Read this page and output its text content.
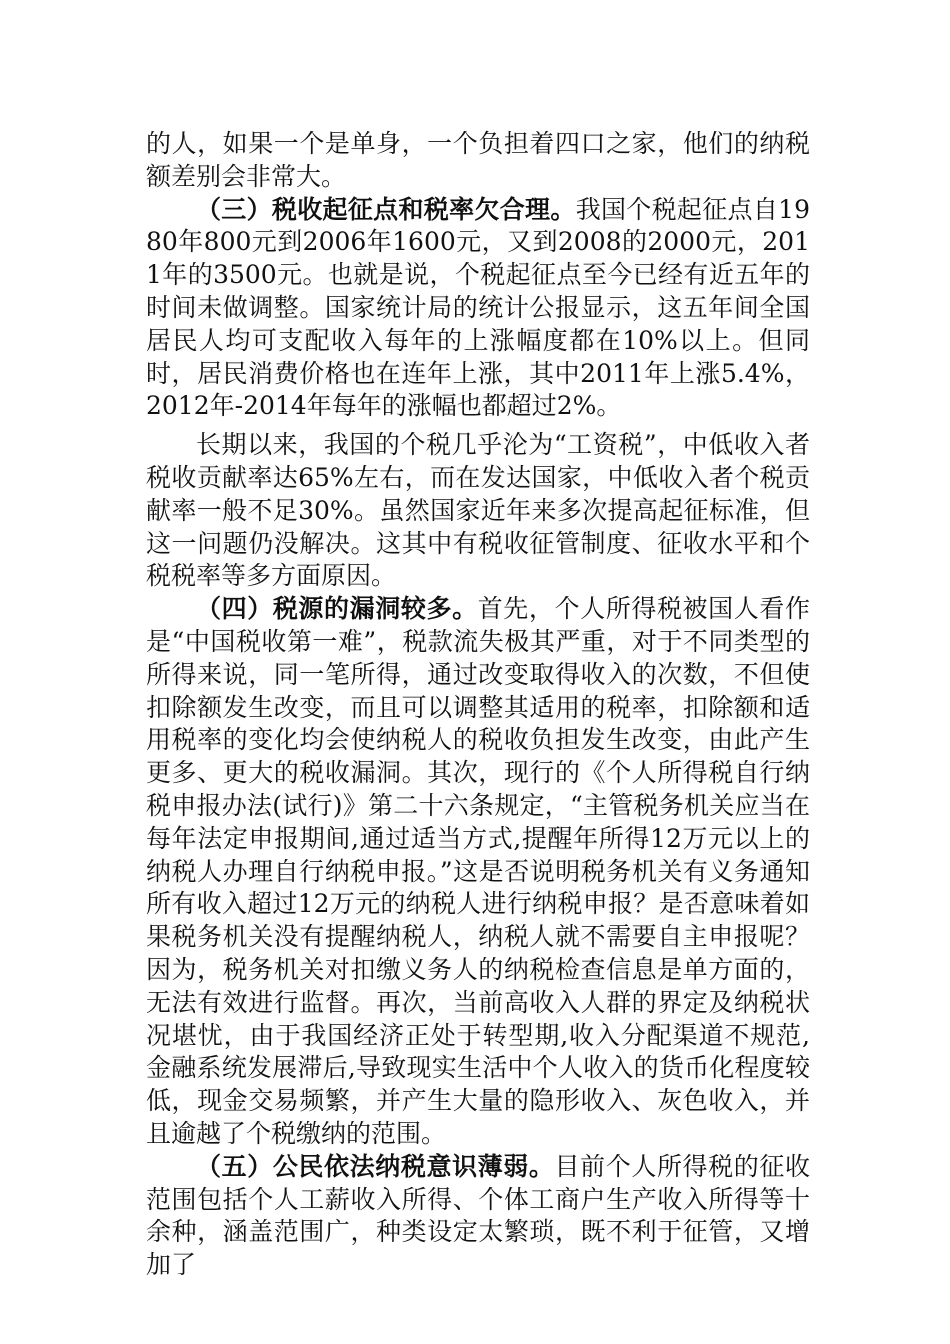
的人，如果一个是单身，一个负担着四口之家，他们的纳税额差别会非常大。

（三）税收起征点和税率欠合理。我国个税起征点自1980年800元到2006年1600元，又到2008的2000元，2011年的3500元。也就是说，个税起征点至今已经有近五年的时间未做调整。国家统计局的统计公报显示，这五年间全国居民人均可支配收入每年的上涨幅度都在10%以上。但同时，居民消费价格也在连年上涨，其中2011年上涨5.4%，2012年-2014年每年的涨幅也都超过2%。

长期以来，我国的个税几乎沦为“工资税”，中低收入者税收贡献率达65%左右，而在发达国家，中低收入者个税贡献率一般不足30%。虽然国家近年来多次提高起征标准，但这一问题仍没解决。这其中有税收征管制度、征收水平和个税税率等多方面原因。

（四）税源的漏洞较多。首先，个人所得税被国人看作是“中国税收第一难”，税款流失极其严重，对于不同类型的所得来说，同一笔所得，通过改变取得收入的次数，不但使扣除额发生改变，而且可以调整其适用的税率，扣除额和适用税率的变化均会使纳税人的税收负担发生改变，由此产生更多、更大的税收漏洞。其次，现行的《个人所得税自行纳税申报办法(试行)》第二十六条规定，“主管税务机关应当在每年法定申报期间,通过适当方式,提醒年所得12万元以上的纳税人办理自行纳税申报。”这是否说明税务机关有义务通知所有收入超过12万元的纳税人进行纳税申报？是否意味着如果税务机关没有提醒纳税人，纳税人就不需要自主申报呢？因为，税务机关对扣缴义务人的纳税检查信息是单方面的，无法有效进行监督。再次，当前高收入人群的界定及纳税状况堪忧，由于我国经济正处于转型期,收入分配渠道不规范,金融系统发展滞后,导致现实生活中个人收入的货币化程度较低，现金交易频繁，并产生大量的隐形收入、灰色收入，并且逾越了个税缴纳的范围。

（五）公民依法纳税意识薄弱。目前个人所得税的征收范围包括个人工薪收入所得、个体工商户生产收入所得等十余种，涵盖范围广，种类设定太繁琐，既不利于征管，又增加了
